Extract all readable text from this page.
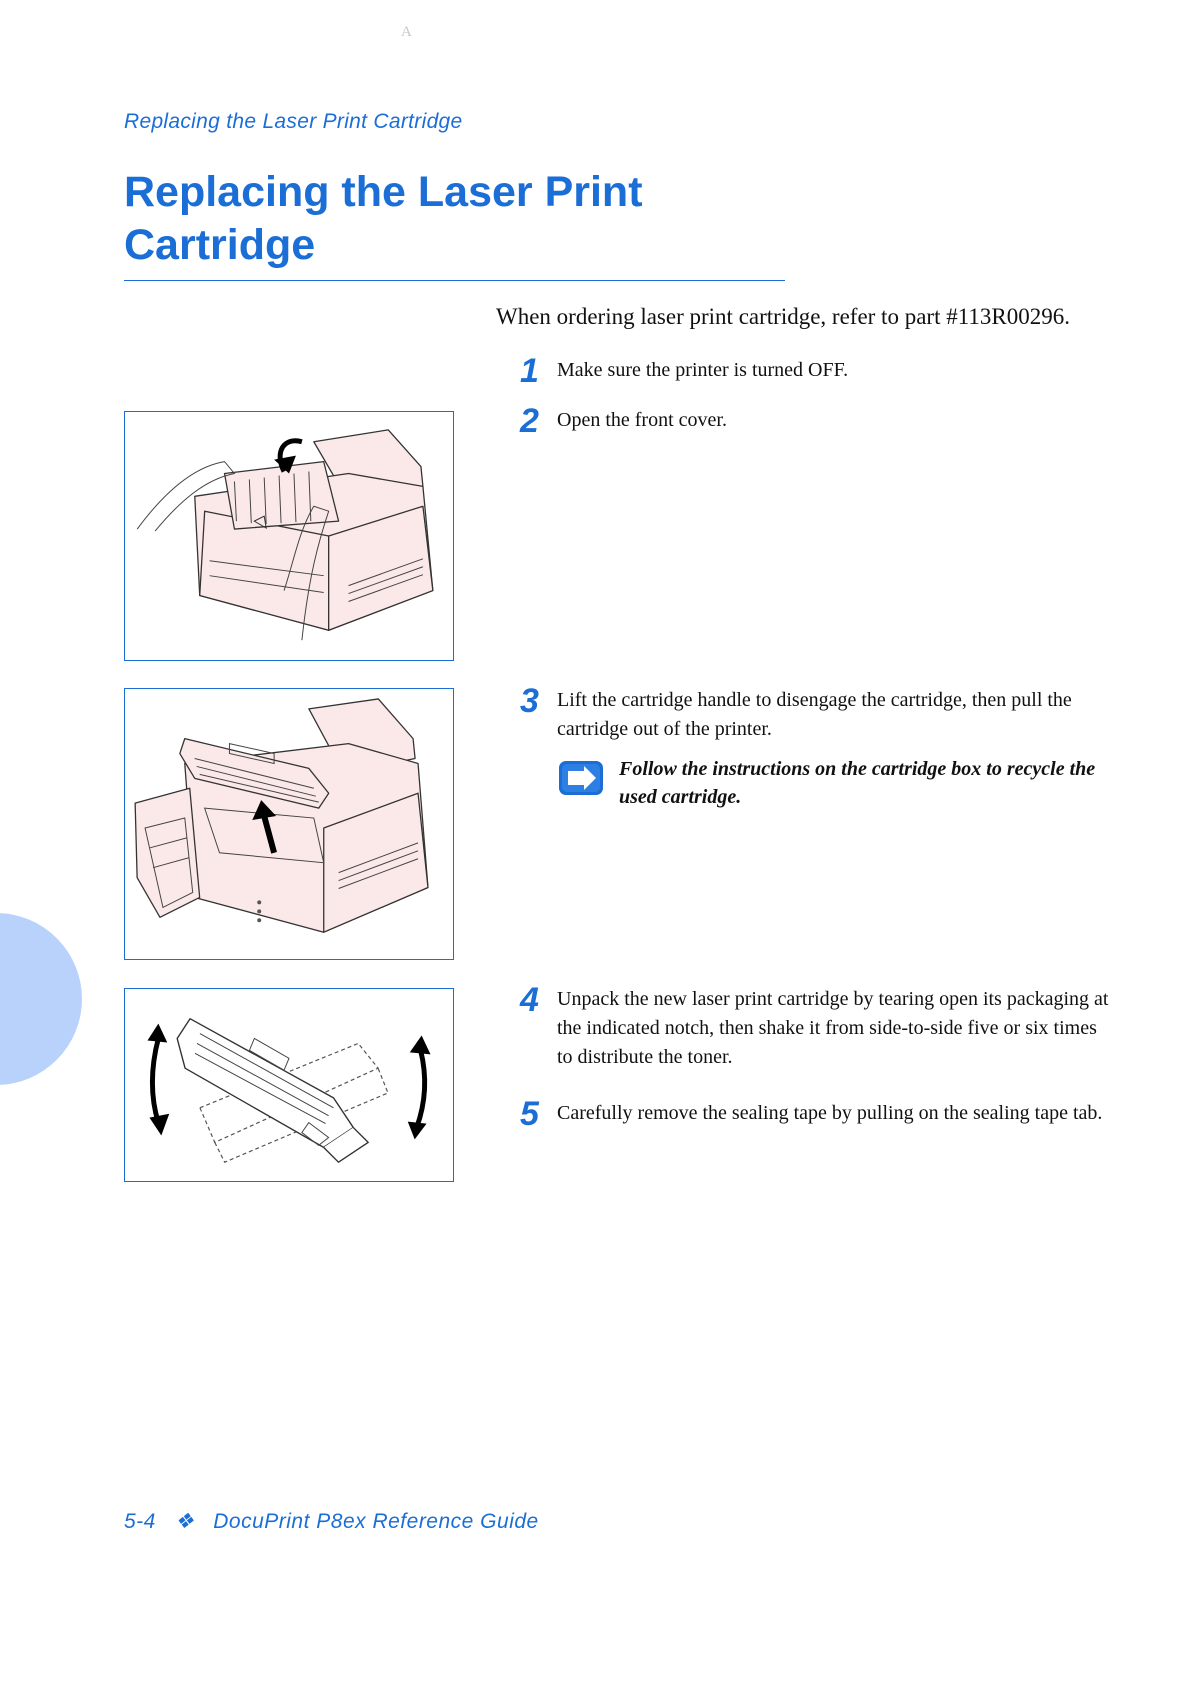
A
Replacing the Laser Print Cartridge
Replacing the Laser Print
Cartridge
When ordering laser print cartridge, refer to part #113R00296.
1 Make sure the printer is turned OFF.
2 Open the front cover.
3 Lift the cartridge handle to disengage the cartridge, then pull the cartridge out of the printer.
Follow the instructions on the cartridge box to recycle the used cartridge.
4 Unpack the new laser print cartridge by tearing open its packaging at the indicated notch, then shake it from side-to-side five or six times to distribute the toner.
5 Carefully remove the sealing tape by pulling on the sealing tape tab.
5-4 ❖ DocuPrint P8ex Reference Guide
